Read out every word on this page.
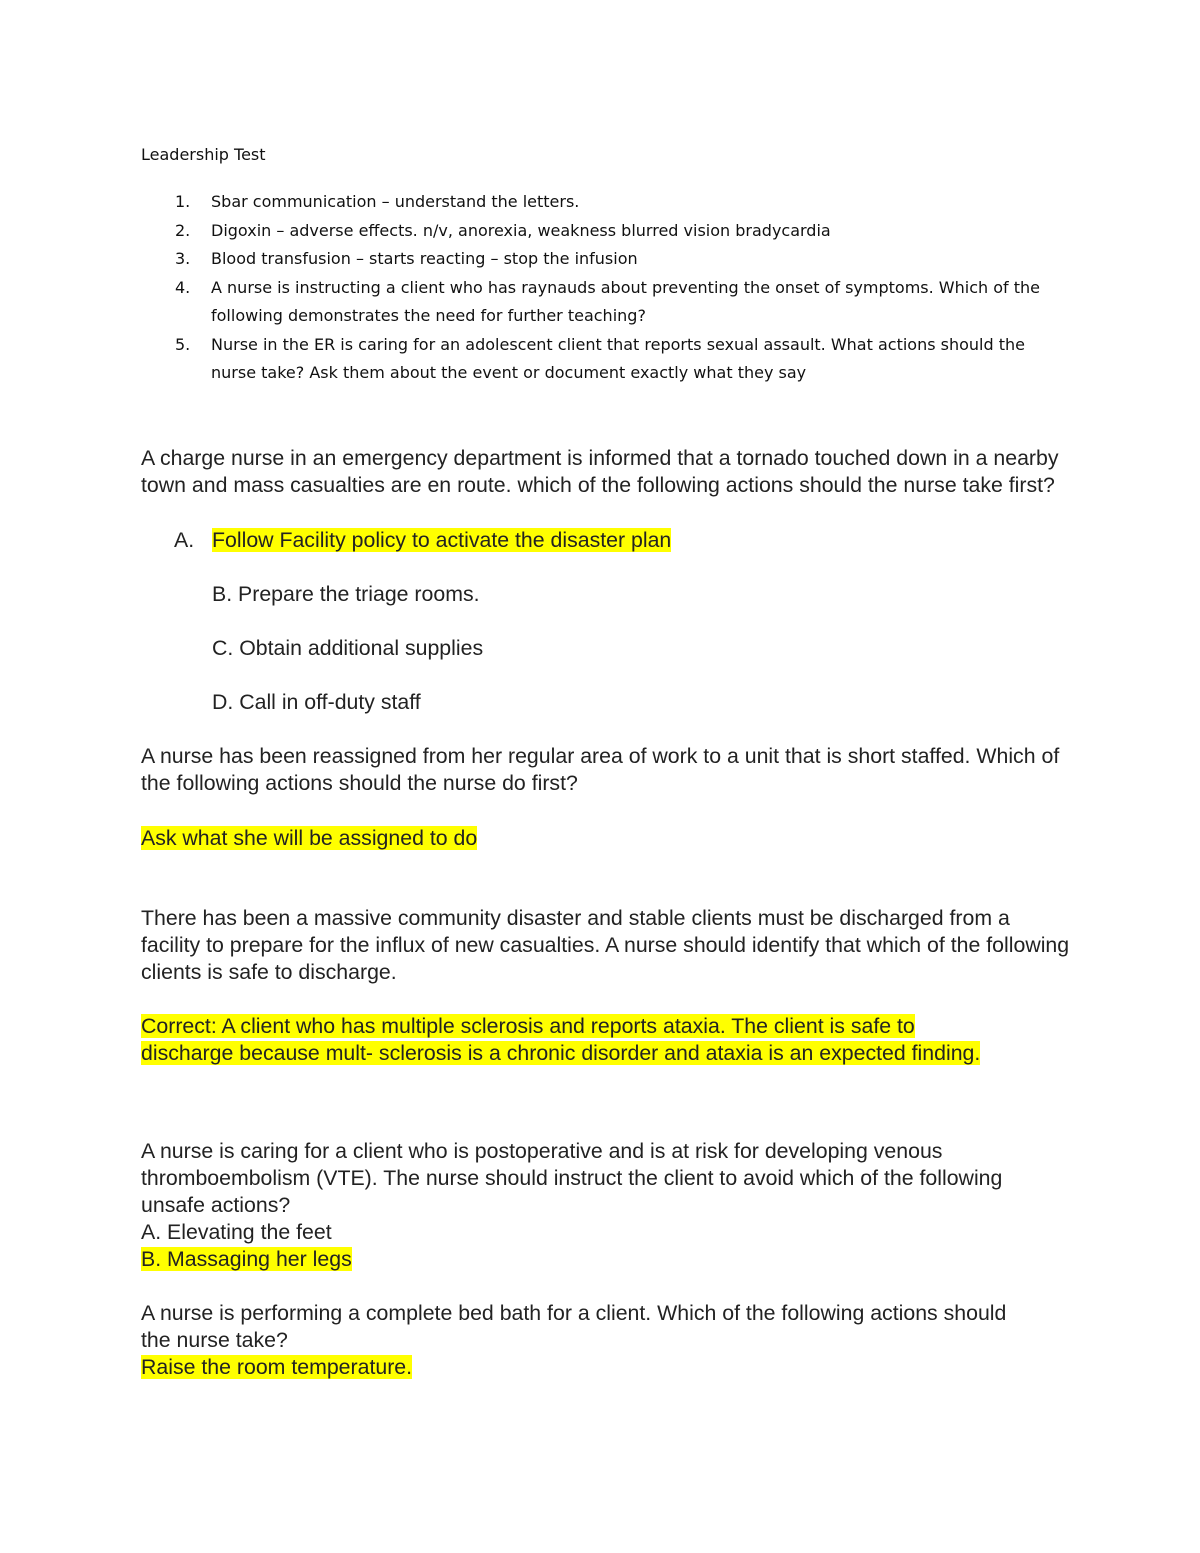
Leadership Test
1. Sbar communication – understand the letters.
2. Digoxin – adverse effects. n/v, anorexia, weakness blurred vision bradycardia
3. Blood transfusion – starts reacting – stop the infusion
4. A nurse is instructing a client who has raynauds about preventing the onset of symptoms. Which of the following demonstrates the need for further teaching?
5. Nurse in the ER is caring for an adolescent client that reports sexual assault. What actions should the nurse take? Ask them about the event or document exactly what they say

A charge nurse in an emergency department is informed that a tornado touched down in a nearby town and mass casualties are en route. which of the following actions should the nurse take first?

A. Follow Facility policy to activate the disaster plan
B. Prepare the triage rooms.
C. Obtain additional supplies
D. Call in off-duty staff

A nurse has been reassigned from her regular area of work to a unit that is short staffed. Which of the following actions should the nurse do first?

Ask what she will be assigned to do

There has been a massive community disaster and stable clients must be discharged from a facility to prepare for the influx of new casualties. A nurse should identify that which of the following clients is safe to discharge.

Correct: A client who has multiple sclerosis and reports ataxia. The client is safe to discharge because mult- sclerosis is a chronic disorder and ataxia is an expected finding.

A nurse is caring for a client who is postoperative and is at risk for developing venous thromboembolism (VTE). The nurse should instruct the client to avoid which of the following unsafe actions?

A. Elevating the feet
B. Massaging her legs

A nurse is performing a complete bed bath for a client. Which of the following actions should the nurse take?

Raise the room temperature.
